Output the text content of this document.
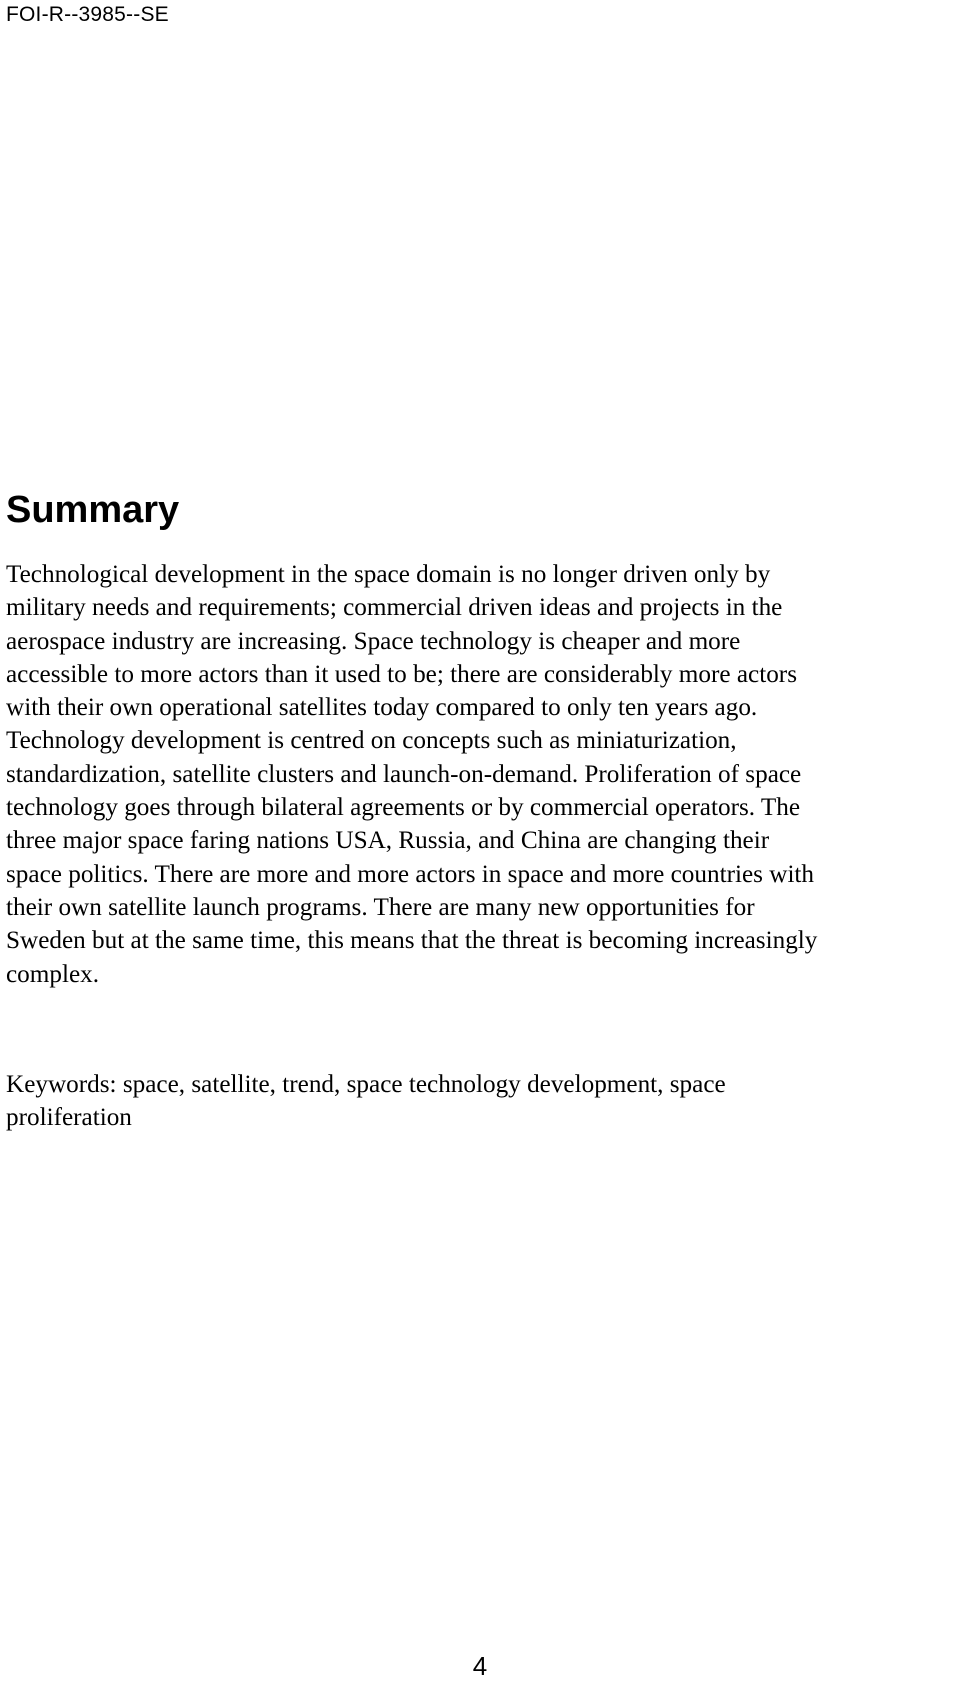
FOI-R--3985--SE
Summary
Technological development in the space domain is no longer driven only by
military needs and requirements; commercial driven ideas and projects in the
aerospace industry are increasing. Space technology is cheaper and more
accessible to more actors than it used to be; there are considerably more actors
with their own operational satellites today compared to only ten years ago.
Technology development is centred on concepts such as miniaturization,
standardization, satellite clusters and launch-on-demand. Proliferation of space
technology goes through bilateral agreements or by commercial operators. The
three major space faring nations USA, Russia, and China are changing their
space politics. There are more and more actors in space and more countries with
their own satellite launch programs. There are many new opportunities for
Sweden but at the same time, this means that the threat is becoming increasingly
complex.
Keywords: space, satellite, trend, space technology development, space
proliferation
4
